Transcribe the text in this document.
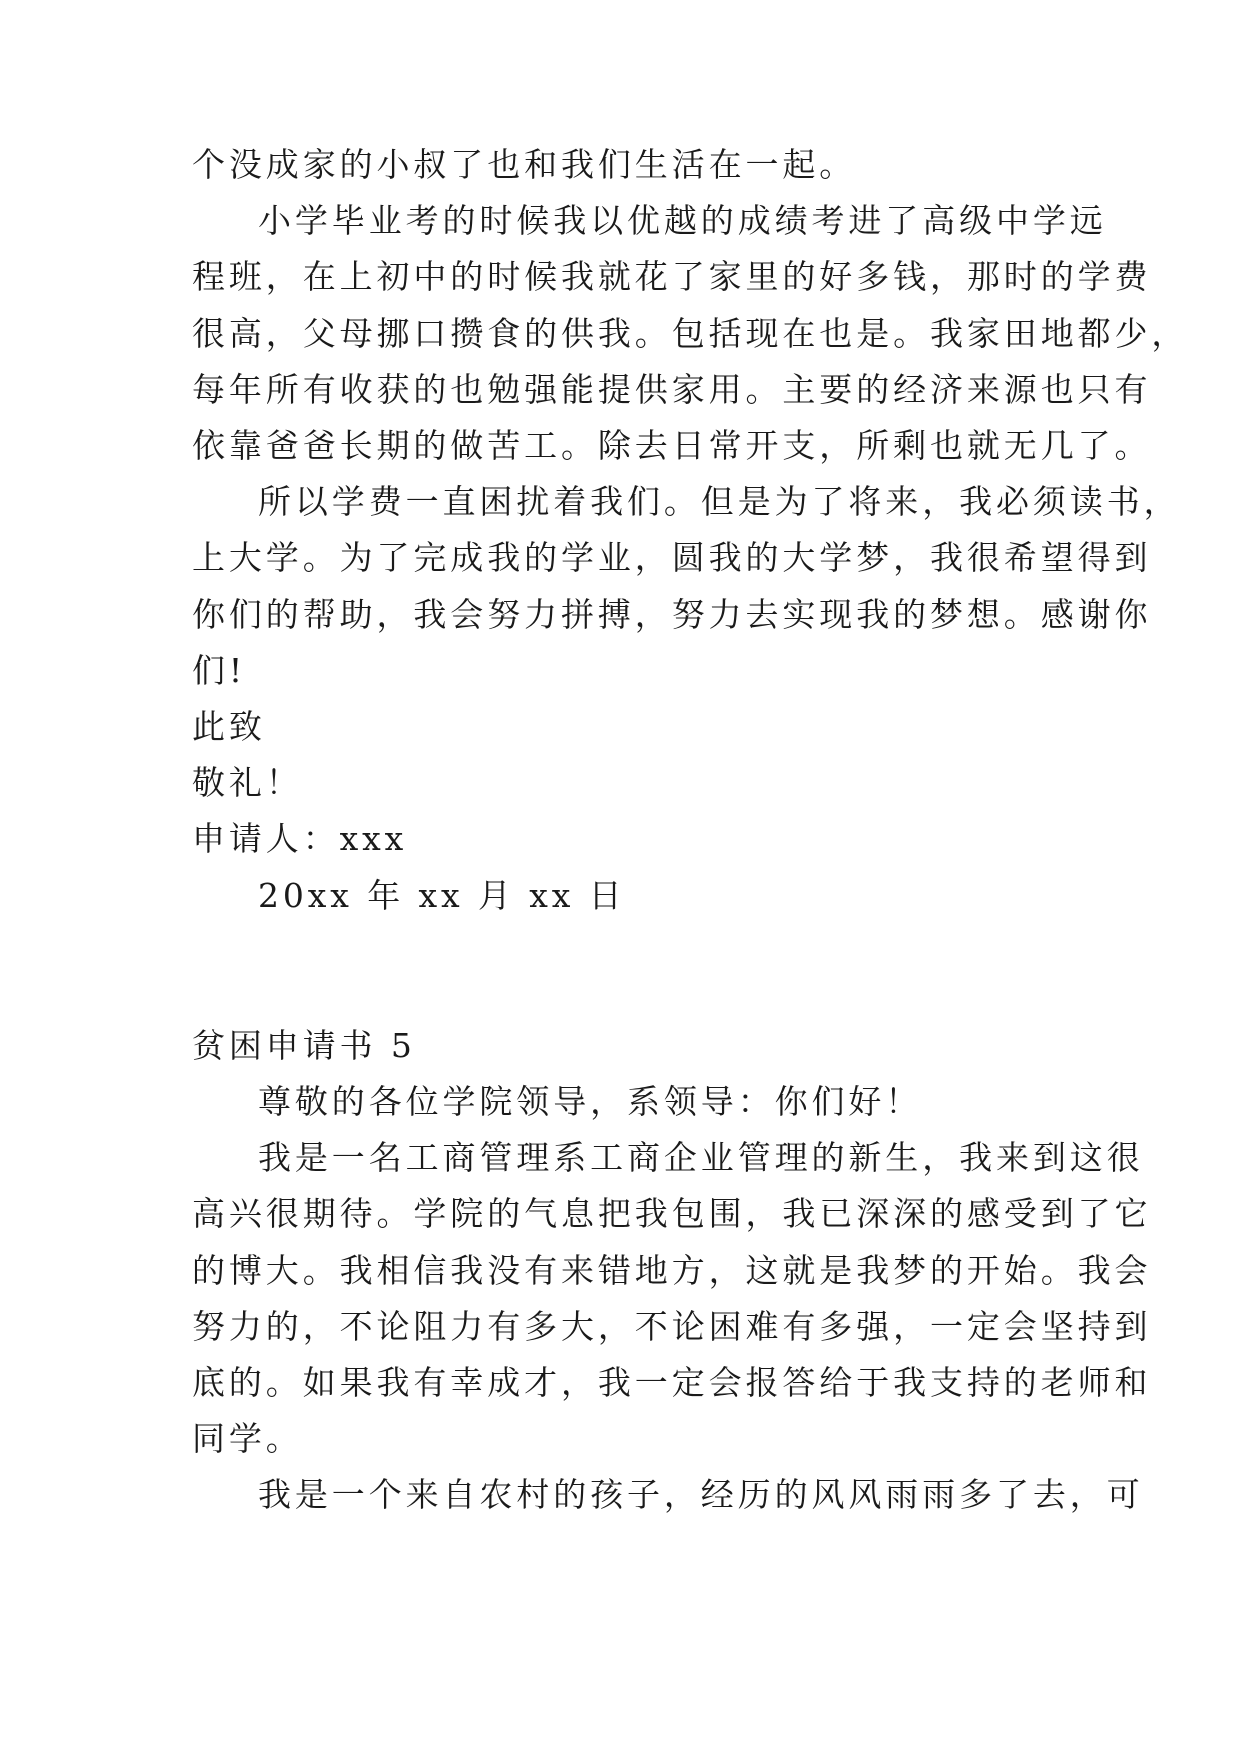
个没成家的小叔了也和我们生活在一起。

小学毕业考的时候我以优越的成绩考进了高级中学远

程班，在上初中的时候我就花了家里的好多钱，那时的学费

很高，父母挪口攒食的供我。包括现在也是。我家田地都少，

每年所有收获的也勉强能提供家用。主要的经济来源也只有

依靠爸爸长期的做苦工。除去日常开支，所剩也就无几了。

所以学费一直困扰着我们。但是为了将来，我必须读书，

上大学。为了完成我的学业，圆我的大学梦，我很希望得到

你们的帮助，我会努力拼搏，努力去实现我的梦想。感谢你

们!

此致

敬礼！

申请人：xxx

20xx 年 xx 月 xx 日

贫困申请书 5

尊敬的各位学院领导，系领导：你们好！

我是一名工商管理系工商企业管理的新生，我来到这很

高兴很期待。学院的气息把我包围，我已深深的感受到了它

的博大。我相信我没有来错地方，这就是我梦的开始。我会

努力的，不论阻力有多大，不论困难有多强，一定会坚持到

底的。如果我有幸成才，我一定会报答给于我支持的老师和

同学。

我是一个来自农村的孩子，经历的风风雨雨多了去，可
